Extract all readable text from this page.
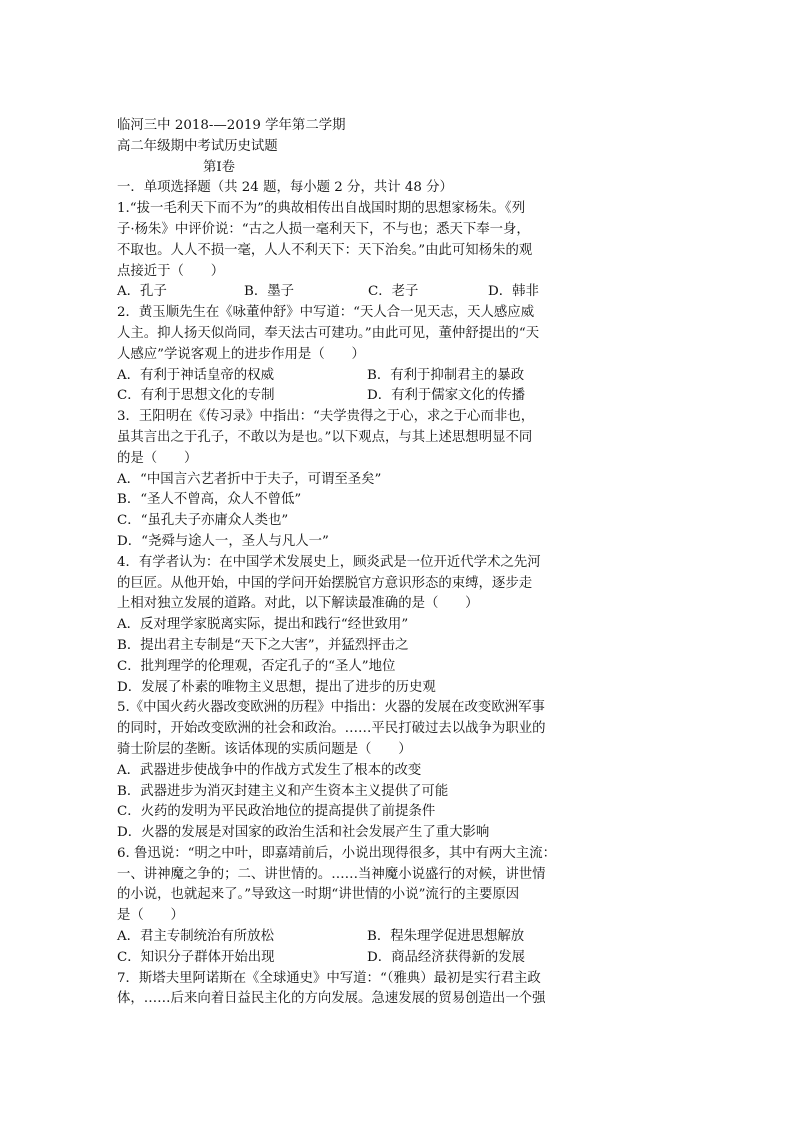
临河三中 2018-—2019 学年第二学期
高二年级期中考试历史试题
第Ⅰ卷
一．单项选择题（共 24 题，每小题 2 分，共计 48 分）
1.“拔一毛利天下而不为”的典故相传出自战国时期的思想家杨朱。《列
子·杨朱》中评价说：“古之人损一毫利天下，不与也；悉天下奉一身，
不取也。人人不损一毫，人人不利天下：天下治矣。”由此可知杨朱的观
点接近于（　　）
A．孔子	B．墨子	C．老子	D．韩非
2．黄玉顺先生在《咏董仲舒》中写道：“天人合一见天志，天人感应威
人主。抑人扬天似尚同，奉天法古可建功。”由此可见，董仲舒提出的“天
人感应”学说客观上的进步作用是（　　）
A．有利于神话皇帝的权威	B．有利于抑制君主的暴政
C．有利于思想文化的专制	D．有利于儒家文化的传播
3．王阳明在《传习录》中指出：“夫学贵得之于心，求之于心而非也，
虽其言出之于孔子，不敢以为是也。”以下观点，与其上述思想明显不同
的是（　　）
A．“中国言六艺者折中于夫子，可谓至圣矣”
B．“圣人不曾高，众人不曾低”
C．“虽孔夫子亦庸众人类也”
D．“尧舜与途人一，圣人与凡人一”
4．有学者认为：在中国学术发展史上，顾炎武是一位开近代学术之先河
的巨匠。从他开始，中国的学问开始摆脱官方意识形态的束缚，逐步走
上相对独立发展的道路。对此，以下解读最准确的是（　　）
A．反对理学家脱离实际，提出和践行“经世致用”
B．提出君主专制是“天下之大害”，并猛烈抨击之
C．批判理学的伦理观，否定孔子的“圣人”地位
D．发展了朴素的唯物主义思想，提出了进步的历史观
5.《中国火药火器改变欧洲的历程》中指出：火器的发展在改变欧洲军事
的同时，开始改变欧洲的社会和政治。……平民打破过去以战争为职业的
骑士阶层的垄断。该话体现的实质问题是（　　）
A．武器进步使战争中的作战方式发生了根本的改变
B．武器进步为消灭封建主义和产生资本主义提供了可能
C．火药的发明为平民政治地位的提高提供了前提条件
D．火器的发展是对国家的政治生活和社会发展产生了重大影响
6. 鲁迅说：“明之中叶，即嘉靖前后，小说出现得很多，其中有两大主流：
一、讲神魔之争的；二、讲世情的。……当神魔小说盛行的对候，讲世情
的小说，也就起来了。”导致这一时期“讲世情的小说”流行的主要原因
是（　　）
A．君主专制统治有所放松	B．程朱理学促进思想解放
C．知识分子群体开始出现	D．商品经济获得新的发展
7．斯塔夫里阿诺斯在《全球通史》中写道：“（雅典）最初是实行君主政
体，……后来向着日益民主化的方向发展。急速发展的贸易创造出一个强
